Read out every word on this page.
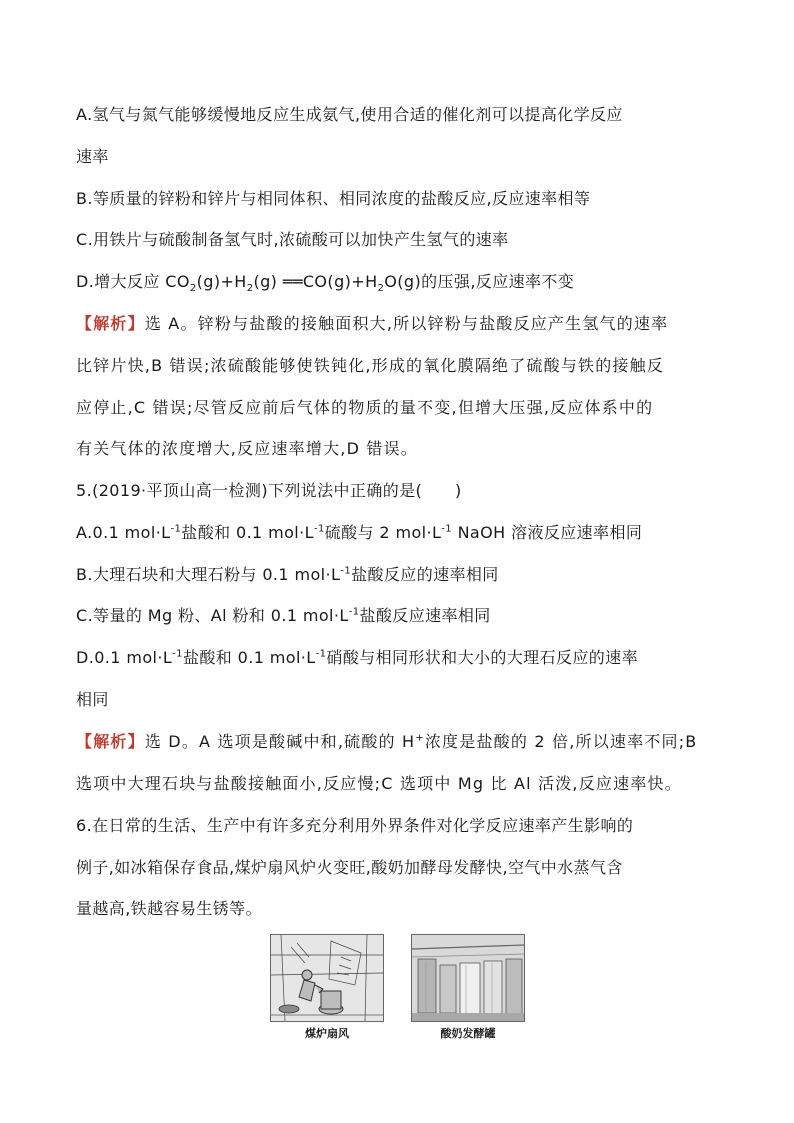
A.氢气与氮气能够缓慢地反应生成氨气,使用合适的催化剂可以提高化学反应
速率
B.等质量的锌粉和锌片与相同体积、相同浓度的盐酸反应,反应速率相等
C.用铁片与硫酸制备氢气时,浓硫酸可以加快产生氢气的速率
D.增大反应 $CO_2(g)+H_2(g)$ $══CO(g)+H_2O(g)$的压强,反应速率不变
【解析】选 A。锌粉与盐酸的接触面积大,所以锌粉与盐酸反应产生氢气的速率
比锌片快,B 错误;浓硫酸能够使铁钝化,形成的氧化膜隔绝了硫酸与铁的接触反
应停止,C 错误;尽管反应前后气体的物质的量不变,但增大压强,反应体系中的
有关气体的浓度增大,反应速率增大,D 错误。
5.(2019·平顶山高一检测)下列说法中正确的是(　　)
A.0.1 $mol\cdot L^{-1}$盐酸和 0.1 $mol\cdot L^{-1}$硫酸与 2 $mol\cdot L^{-1}$ NaOH 溶液反应速率相同
B.大理石块和大理石粉与 0.1 $mol\cdot L^{-1}$盐酸反应的速率相同
C.等量的 Mg 粉、Al 粉和 0.1 $mol\cdot L^{-1}$盐酸反应速率相同
D.0.1 $mol\cdot L^{-1}$盐酸和 0.1 $mol\cdot L^{-1}$硝酸与相同形状和大小的大理石反应的速率
相同
【解析】选 D。A 选项是酸碱中和,硫酸的 H+浓度是盐酸的 2 倍,所以速率不同;B
选项中大理石块与盐酸接触面小,反应慢;C 选项中 Mg 比 Al 活泼,反应速率快。
6.在日常的生活、生产中有许多充分利用外界条件对化学反应速率产生影响的
例子,如冰箱保存食品,煤炉扇风炉火变旺,酸奶加酵母发酵快,空气中水蒸气含
量越高,铁越容易生锈等。
煤炉扇风	酸奶发酵罐
